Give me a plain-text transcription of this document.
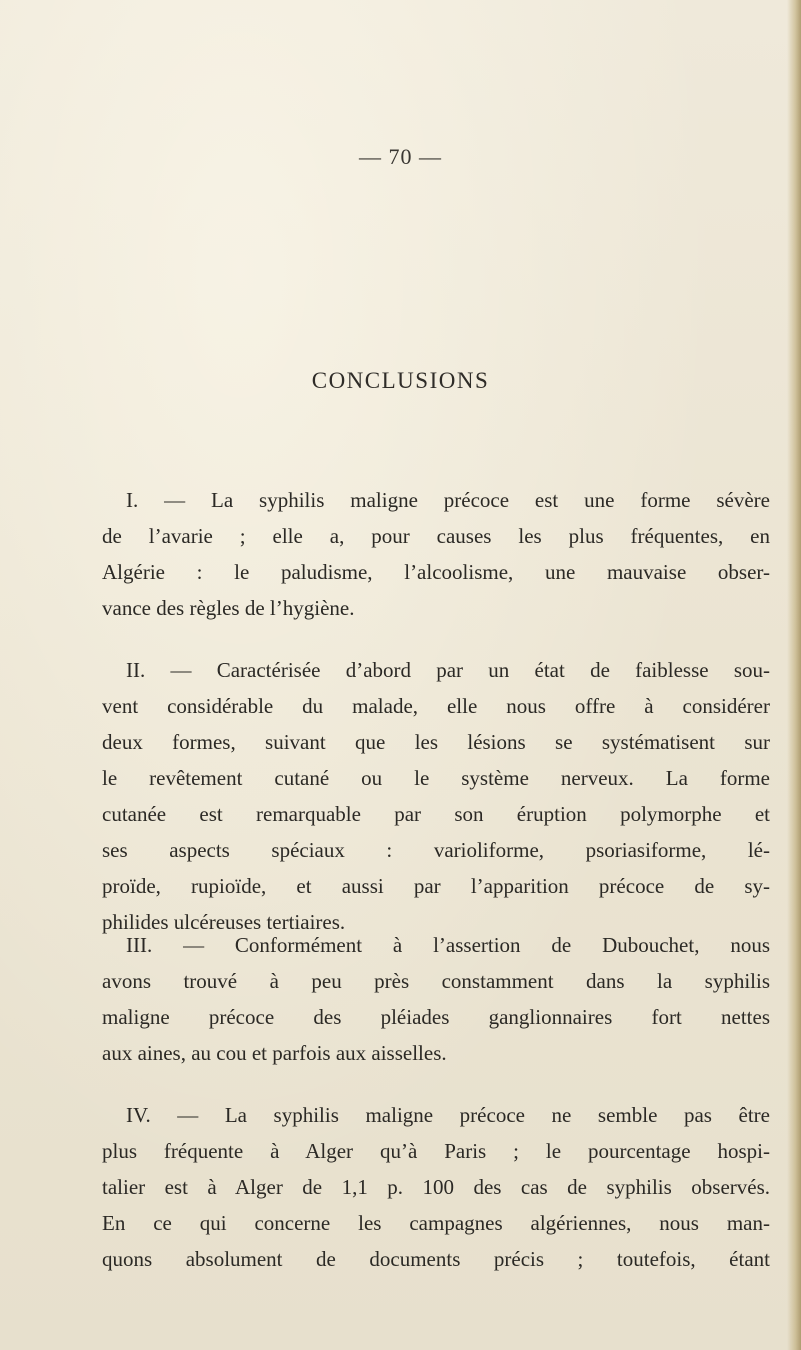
— 70 —
CONCLUSIONS
I. — La syphilis maligne précoce est une forme sévère
de l’avarie ; elle a, pour causes les plus fréquentes, en
Algérie : le paludisme, l’alcoolisme, une mauvaise obser-
vance des règles de l’hygiène.
II. — Caractérisée d’abord par un état de faiblesse sou-
vent considérable du malade, elle nous offre à considérer
deux formes, suivant que les lésions se systématisent sur
le revêtement cutané ou le système nerveux. La forme
cutanée est remarquable par son éruption polymorphe et
ses aspects spéciaux : varioliforme, psoriasiforme, lé-
proïde, rupioïde, et aussi par l’apparition précoce de sy-
philides ulcéreuses tertiaires.
III. — Conformément à l’assertion de Dubouchet, nous
avons trouvé à peu près constamment dans la syphilis
maligne précoce des pléiades ganglionnaires fort nettes
aux aines, au cou et parfois aux aisselles.
IV. — La syphilis maligne précoce ne semble pas être
plus fréquente à Alger qu’à Paris ; le pourcentage hospi-
talier est à Alger de 1,1 p. 100 des cas de syphilis observés.
En ce qui concerne les campagnes algériennes, nous man-
quons absolument de documents précis ; toutefois, étant
